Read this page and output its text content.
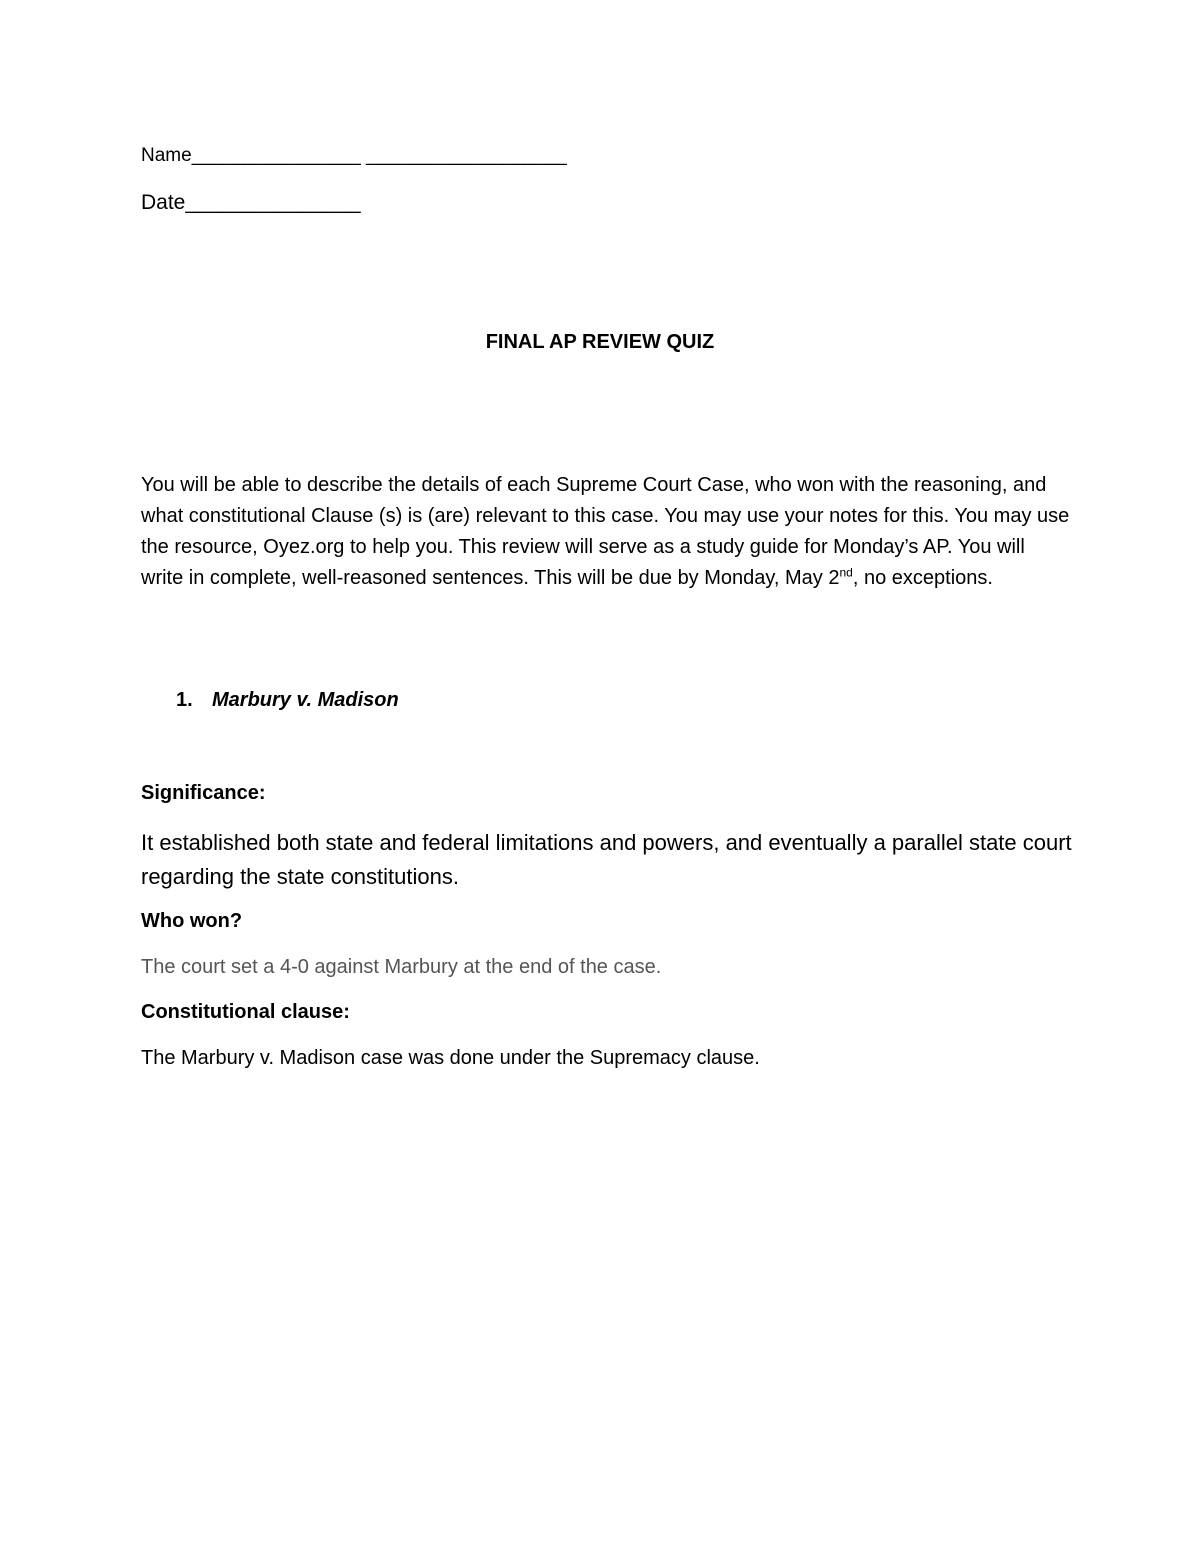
Name________________ ___________________
Date_______________
FINAL AP REVIEW QUIZ
You will be able to describe the details of each Supreme Court Case, who won with the reasoning, and what constitutional Clause (s) is (are) relevant to this case. You may use your notes for this. You may use the resource, Oyez.org to help you. This review will serve as a study guide for Monday’s AP. You will write in complete, well-reasoned sentences. This will be due by Monday, May 2nd, no exceptions.
1. Marbury v. Madison
Significance:
It established both state and federal limitations and powers, and eventually a parallel state court regarding the state constitutions.
Who won?
The court set a 4-0 against Marbury at the end of the case.
Constitutional clause:
The Marbury v. Madison case was done under the Supremacy clause.
